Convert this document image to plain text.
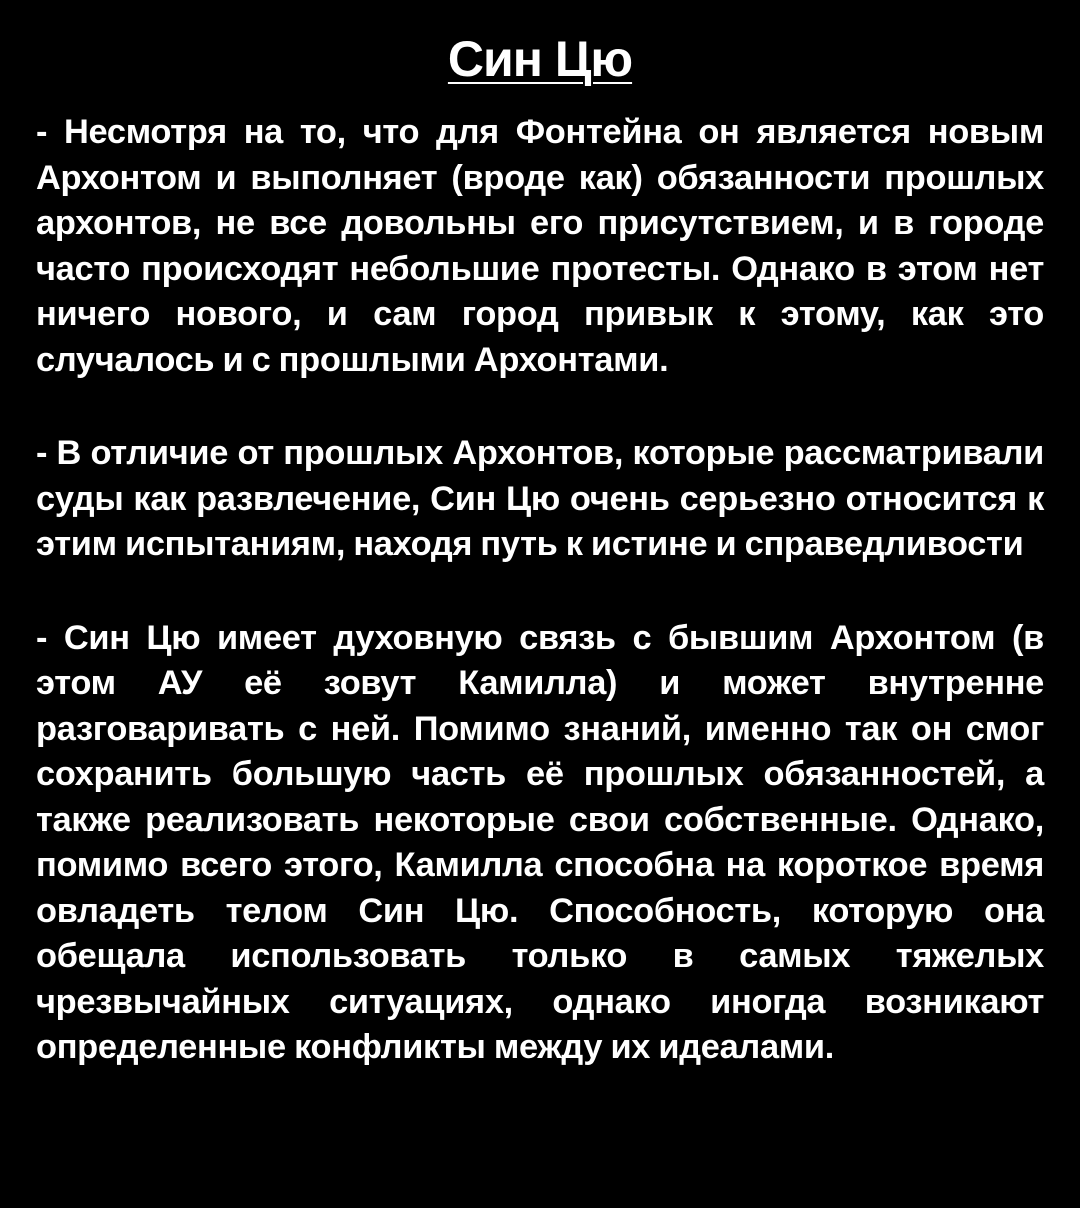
Син Цю

- Несмотря на то, что для Фонтейна он является новым Архонтом и выполняет (вроде как) обязанности прошлых архонтов, не все довольны его присутствием, и в городе часто происходят небольшие протесты. Однако в этом нет ничего нового, и сам город привык к этому, как это случалось и с прошлыми Архонтами.

- В отличие от прошлых Архонтов, которые рассматривали суды как развлечение, Син Цю очень серьезно относится к этим испытаниям, находя путь к истине и справедливости

- Син Цю имеет духовную связь с бывшим Архонтом (в этом АУ её зовут Камилла) и может внутренне разговаривать с ней. Помимо знаний, именно так он смог сохранить большую часть её прошлых обязанностей, а также реализовать некоторые свои собственные. Однако, помимо всего этого, Камилла способна на короткое время овладеть телом Син Цю. Способность, которую она обещала использовать только в самых тяжелых чрезвычайных ситуациях, однако иногда возникают определенные конфликты между их идеалами.
